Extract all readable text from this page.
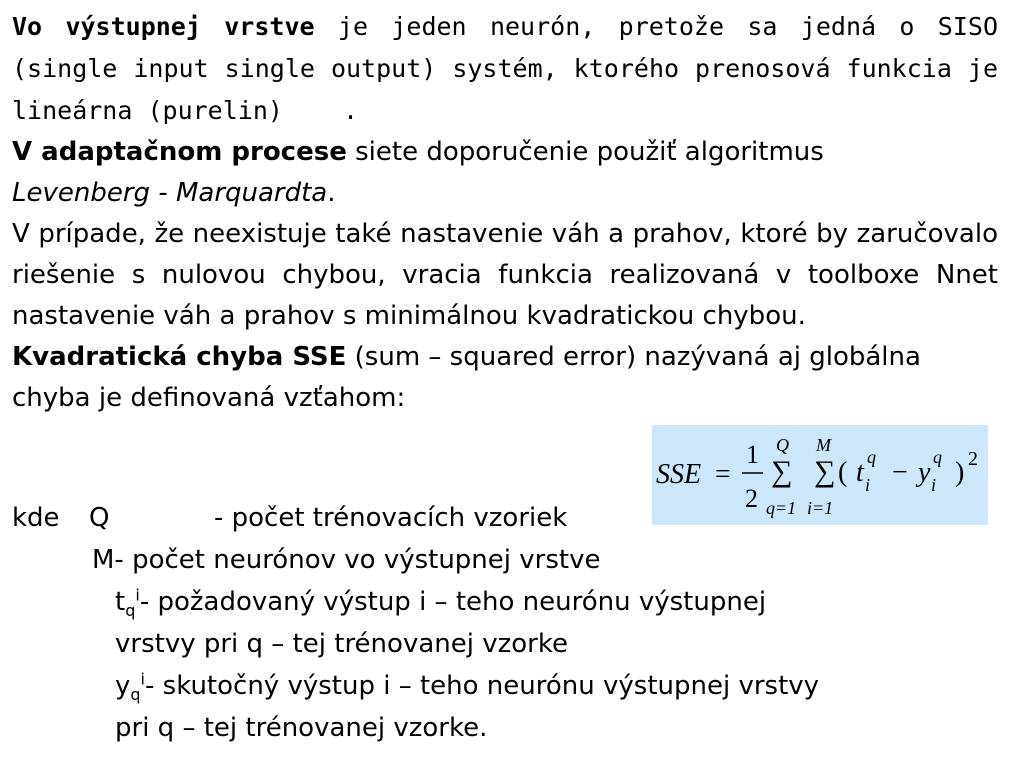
Vo výstupnej vrstve je jeden neurón, pretože sa jedná o SISO (single input single output) systém, ktorého prenosová funkcia je lineárna (purelin) .

V adaptačnom procese siete doporučenie použiť algoritmus
Levenberg - Marquardta.

V prípade, že neexistuje také nastavenie váh a prahov, ktoré by zaručovalo riešenie s nulovou chybou, vracia funkcia realizovaná v toolboxe Nnet nastavenie váh a prahov s minimálnou kvadratickou chybou.

Kvadratická chyba SSE (sum – squared error) nazývaná aj globálna chyba je definovaná vzťahom:

SSE =
1
2
Q
∑
q=1
M
∑
i=1
( t q
i − y q
i ) 2
kde Q	- počet trénovacích vzoriek
M- počet neurónov vo výstupnej vrstve
$t_q^i-$ požadovaný výstup i – teho neurónu výstupnej
vrstvy pri q – tej trénovanej vzorke
$y_q^i-$ skutočný výstup i – teho neurónu výstupnej vrstvy
pri q – tej trénovanej vzorke.
